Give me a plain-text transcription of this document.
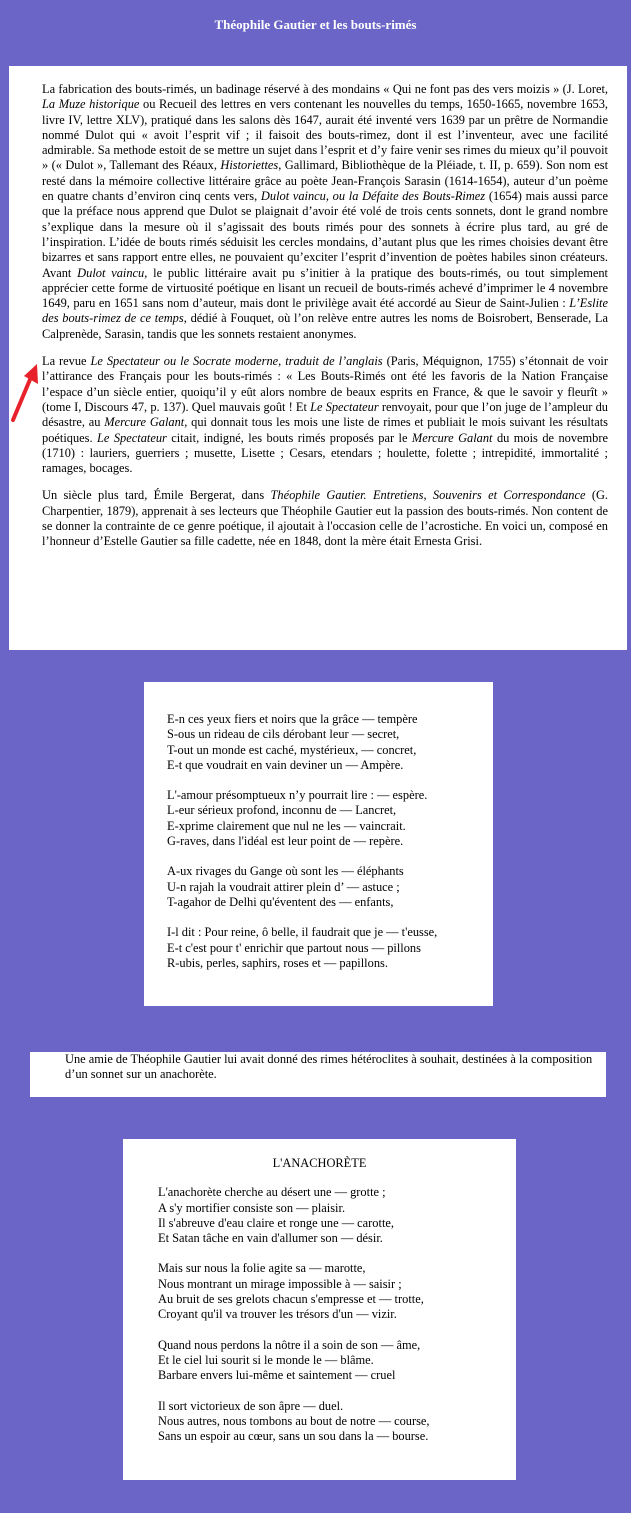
Théophile Gautier et les bouts-rimés

La fabrication des bouts-rimés, un badinage réservé à des mondains « Qui ne font pas des vers moizis » (J. Loret, La Muze historique ou Recueil des lettres en vers contenant les nouvelles du temps, 1650-1665, novembre 1653, livre IV, lettre XLV), pratiqué dans les salons dès 1647, aurait été inventé vers 1639 par un prêtre de Normandie nommé Dulot qui « avoit l’esprit vif ; il faisoit des bouts-rimez, dont il est l’inventeur, avec une facilité admirable. Sa methode estoit de se mettre un sujet dans l’esprit et d’y faire venir ses rimes du mieux qu’il pouvoit » (« Dulot », Tallemant des Réaux, Historiettes, Gallimard, Bibliothèque de la Pléiade, t. II, p. 659). Son nom est resté dans la mémoire collective littéraire grâce au poète Jean-François Sarasin (1614-1654), auteur d’un poème en quatre chants d’environ cinq cents vers, Dulot vaincu, ou la Défaite des Bouts-Rimez (1654) mais aussi parce que la préface nous apprend que Dulot se plaignait d’avoir été volé de trois cents sonnets, dont le grand nombre s’explique dans la mesure où il s’agissait des bouts rimés pour des sonnets à écrire plus tard, au gré de l’inspiration. L’idée de bouts rimés séduisit les cercles mondains, d’autant plus que les rimes choisies devant être bizarres et sans rapport entre elles, ne pouvaient qu’exciter l’esprit d’invention de poètes habiles sinon créateurs. Avant Dulot vaincu, le public littéraire avait pu s’initier à la pratique des bouts-rimés, ou tout simplement apprécier cette forme de virtuosité poétique en lisant un recueil de bouts-rimés achevé d’imprimer le 4 novembre 1649, paru en 1651 sans nom d’auteur, mais dont le privilège avait été accordé au Sieur de Saint-Julien : L’Eslite des bouts-rimez de ce temps, dédié à Fouquet, où l’on relève entre autres les noms de Boisrobert, Benserade, La Calprenède, Sarasin, tandis que les sonnets restaient anonymes.

La revue Le Spectateur ou le Socrate moderne, traduit de l’anglais (Paris, Méquignon, 1755) s’étonnait de voir l’attirance des Français pour les bouts-rimés : « Les Bouts-Rimés ont été les favoris de la Nation Françaisе l’espace d’un siècle entier, quoiqu’il y eût alors nombre de beaux esprits en France, & que le savoir y fleurît » (tome I, Discours 47, p. 137). Quel mauvais goût ! Et Le Spectateur renvoyait, pour que l’on juge de l’ampleur du désastre, au Mercure Galant, qui donnait tous les mois une liste de rimes et publiait le mois suivant les résultats poétiques. Le Spectateur citait, indigné, les bouts rimés proposés par le Mercure Galant du mois de novembre (1710) : lauriers, guerriers ; musette, Lisette ; Cesars, etendars ; houlette, folette ; intrepidité, immortalité ; ramages, bocages.

Un siècle plus tard, Émile Bergerat, dans Théophile Gautier. Entretiens, Souvenirs et Correspondance (G. Charpentier, 1879), apprenait à ses lecteurs que Théophile Gautier eut la passion des bouts-rimés. Non content de se donner la contrainte de ce genre poétique, il ajoutait à l'occasion celle de l’acrostiche. En voici un, composé en l’honneur d’Estelle Gautier sa fille cadette, née en 1848, dont la mère était Ernesta Grisi.

E-n ces yeux fiers et noirs que la grâce — tempère
S-ous un rideau de cils dérobant leur — secret,
T-out un monde est caché, mystérieux, — concret,
E-t que voudrait en vain deviner un — Ampère.
L'-amour présomptueux n’y pourrait lire : — espère.
L-eur sérieux profond, inconnu de — Lancret,
E-xprime clairement que nul ne les — vaincrait.
G-raves, dans l'idéal est leur point de — repère.
A-ux rivages du Gange où sont les — éléphants
U-n rajah la voudrait attirer plein d’ — astuce ;
T-agahor de Delhi qu'éventent des — enfants,
I-l dit : Pour reine, ô belle, il faudrait que je — t'eusse,
E-t c'est pour t' enrichir que partout nous — pillons
R-ubis, perles, saphirs, roses et — papillons.
Une amie de Théophile Gautier lui avait donné des rimes hétéroclites à souhait, destinées à la composition d’un sonnet sur un anachorète.
L'ANACHORÈTE
L'anachorète cherche au désert une — grotte ;
A s'y mortifier consiste son — plaisir.
Il s'abreuve d'eau claire et ronge une — carotte,
Et Satan tâche en vain d'allumer son — désir.
Mais sur nous la folie agite sa — marotte,
Nous montrant un mirage impossible à — saisir ;
Au bruit de ses grelots chacun s'empresse et — trotte,
Croyant qu'il va trouver les trésors d'un — vizir.
Quand nous perdons la nôtre il a soin de son — âme,
Et le ciel lui sourit si le monde le — blâme.
Barbare envers lui-même et saintement — cruel
Il sort victorieux de son âpre — duel.
Nous autres, nous tombons au bout de notre — course,
Sans un espoir au cœur, sans un sou dans la — bourse.
